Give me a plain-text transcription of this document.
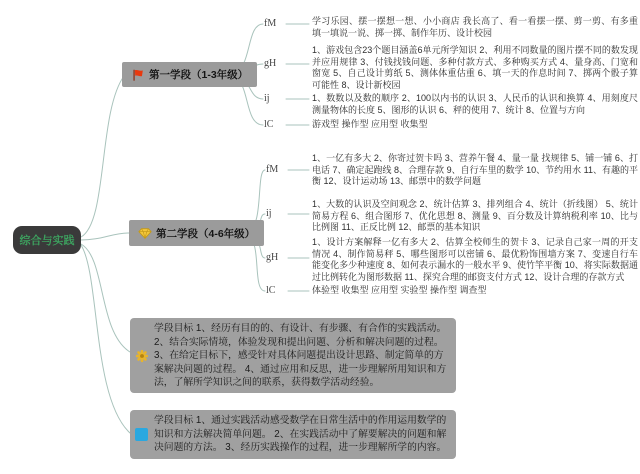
综合与实践
第一学段（1-3年级）
第二学段（4-6年级）
fM
gH
ij
lC
学习乐园、摆一摆想一想、小小商店 我长高了、看一看摆一摆、剪一剪、有多重 填一填说一说、掷一掷、制作年历、设计校园
1、游戏包含23个题目涵盖6单元所学知识 2、利用不同数量的图片摆不同的数发现并应用规律 3、付钱找钱问题、多种付款方式、多种购买方式 4、量身高、门宽和窗宽 5、自己设计剪纸 5、测体体重估重 6、填一天的作息时间 7、掷两个骰子算可能性 8、设计新校园
1、数数以及数的顺序 2、100以内书的认识 3、人民币的认识和换算 4、用刻度尺测量物体的长度 5、图形的认识 6、秤的使用 7、统计 8、位置与方向
游戏型 操作型 应用型 收集型
fM
ij
gH
lC
1、一亿有多大 2、你寄过贺卡吗 3、营养午餐 4、量一量 找规律 5、铺一铺 6、打电话 7、确定起跑线 8、合理存款 9、自行车里的数学 10、节约用水 11、有趣的平衡 12、设计运动场 13、邮票中的数学问题
1、大数的认识及空间观念 2、统计估算 3、排列组合 4、统计（折线图） 5、统计简易方程 6、组合图形 7、优化思想 8、测量 9、百分数及计算纳税利率 10、比与比例图 11、正反比例 12、邮票的基本知识
1、设计方案解释一亿有多大 2、估算全校师生的贺卡 3、记录自己家一周的开支情况 4、制作简易秤 5、哪些图形可以密铺 6、最优粉饰围墙方案 7、变速自行车能变化多少种速度 8、如何表示漏水的一般水平 9、使竹竿平衡 10、将实际数据通过比例转化为图形数据 11、探究合理的邮资支付方式 12、设计合理的存款方式
体验型 收集型 应用型 实验型 操作型 调查型
学段目标 1、经历有目的的、有设计、有步骤、有合作的实践活动。 2、结合实际情境，体验发现和提出问题、分析和解决问题的过程。 3、在给定目标下，感受针对具体问题提出设计思路、制定简单的方案解决问题的过程。 4、通过应用和反思，进一步理解所用知识和方法，了解所学知识之间的联系，获得数学活动经验。
学段目标 1、通过实践活动感受数学在日常生活中的作用运用数学的知识和方法解决简单问题。 2、在实践活动中了解要解决的问题和解决问题的方法。 3、经历实践操作的过程，进一步理解所学的内容。
